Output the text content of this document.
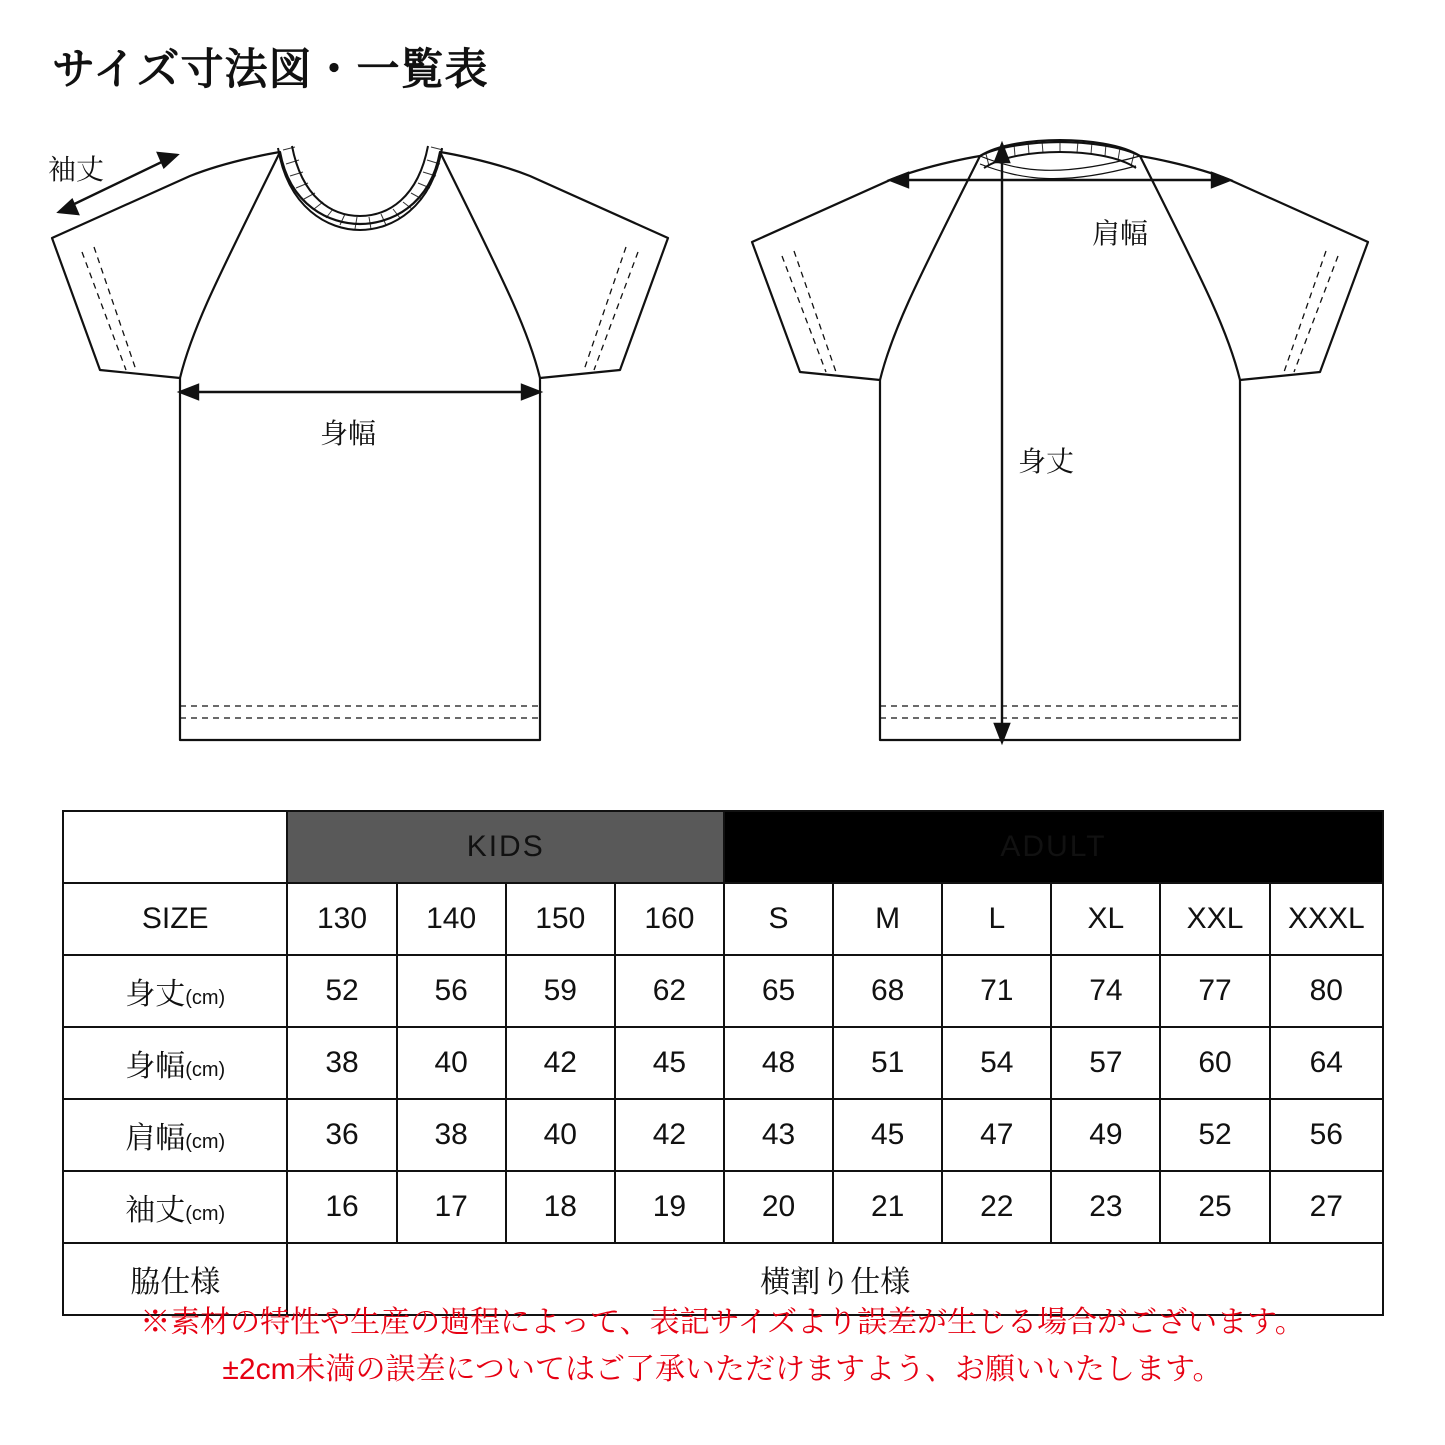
サイズ寸法図・一覧表
袖丈
身幅
肩幅
身丈
	KIDS				ADULT					
SIZE	130	140	150	160	S	M	L	XL	XXL	XXXL
身丈(cm)	52	56	59	62	65	68	71	74	77	80
身幅(cm)	38	40	42	45	48	51	54	57	60	64
肩幅(cm)	36	38	40	42	43	45	47	49	52	56
袖丈(cm)	16	17	18	19	20	21	22	23	25	27
脇仕様	横割り仕様									
※素材の特性や生産の過程によって、表記サイズより誤差が生じる場合がございます。
±2cm未満の誤差についてはご了承いただけますよう、お願いいたします。
